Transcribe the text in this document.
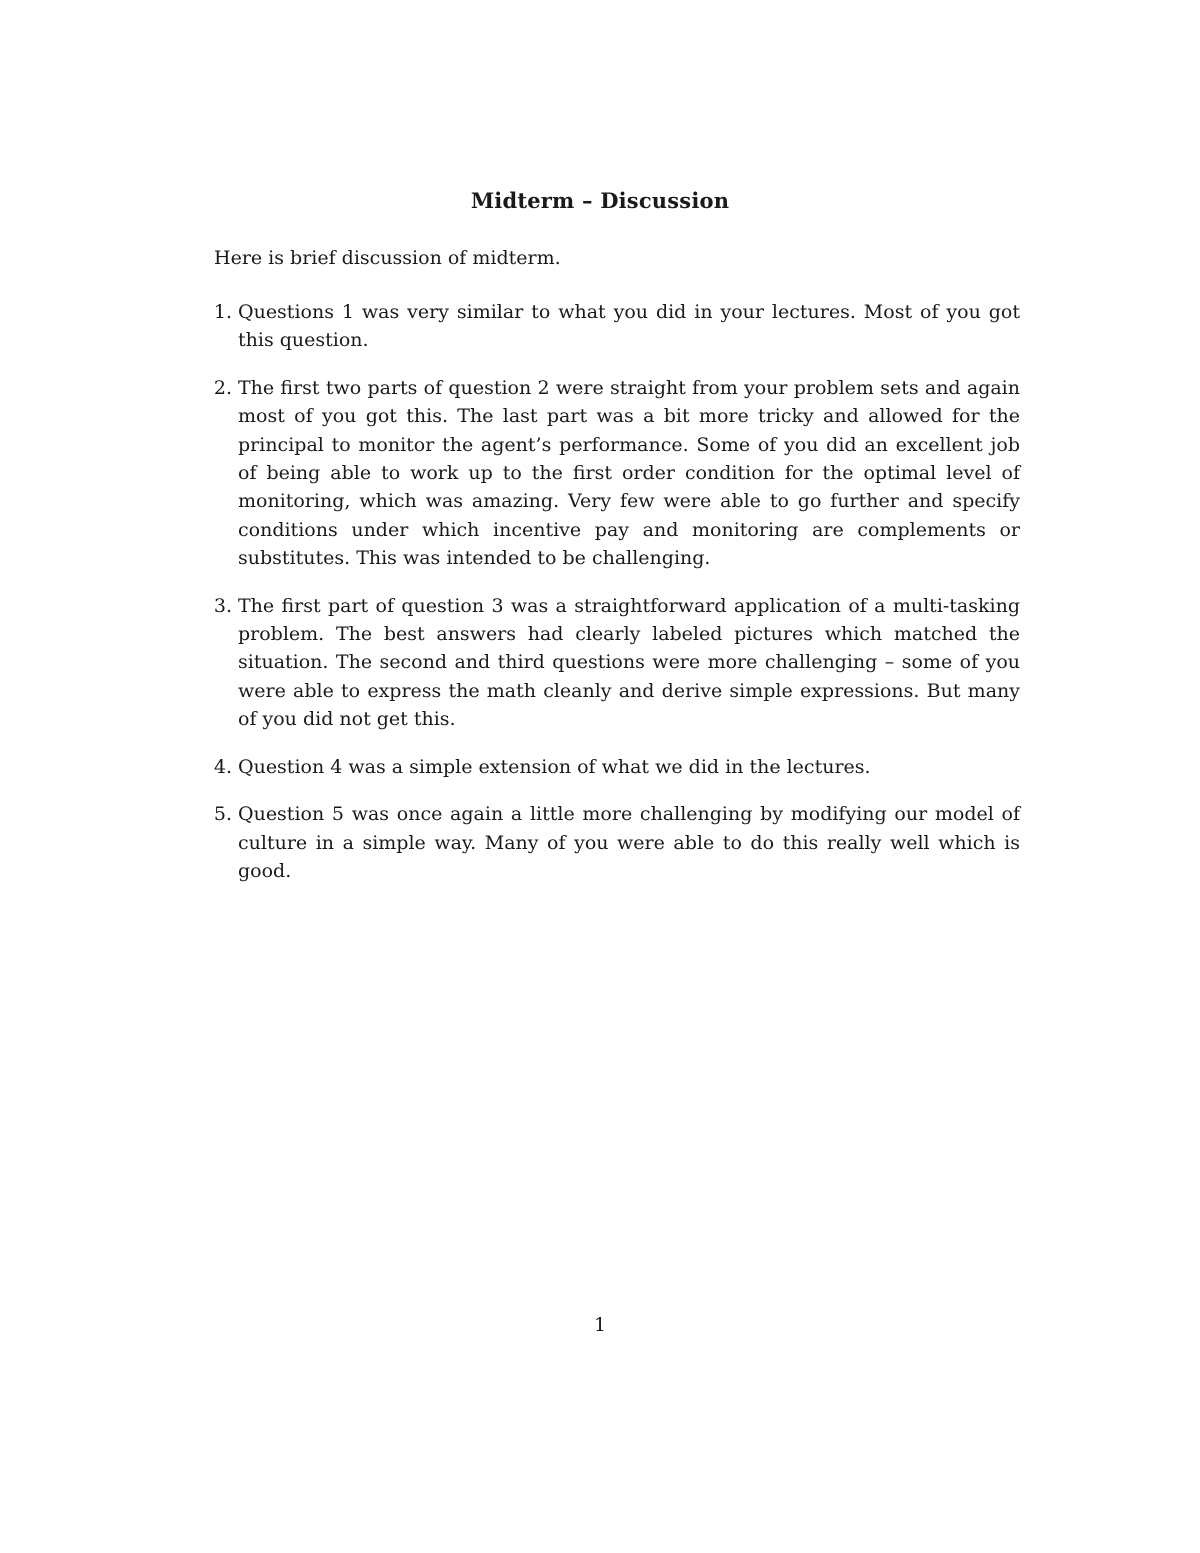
Midterm – Discussion
Here is brief discussion of midterm.
1. Questions 1 was very similar to what you did in your lectures. Most of you got this question.
2. The first two parts of question 2 were straight from your problem sets and again most of you got this. The last part was a bit more tricky and allowed for the principal to monitor the agent’s performance. Some of you did an excellent job of being able to work up to the first order condition for the optimal level of monitoring, which was amazing. Very few were able to go further and specify conditions under which incentive pay and monitoring are complements or substitutes. This was intended to be challenging.
3. The first part of question 3 was a straightforward application of a multi-tasking problem. The best answers had clearly labeled pictures which matched the situation. The second and third questions were more challenging – some of you were able to express the math cleanly and derive simple expressions. But many of you did not get this.
4. Question 4 was a simple extension of what we did in the lectures.
5. Question 5 was once again a little more challenging by modifying our model of culture in a simple way. Many of you were able to do this really well which is good.
1
